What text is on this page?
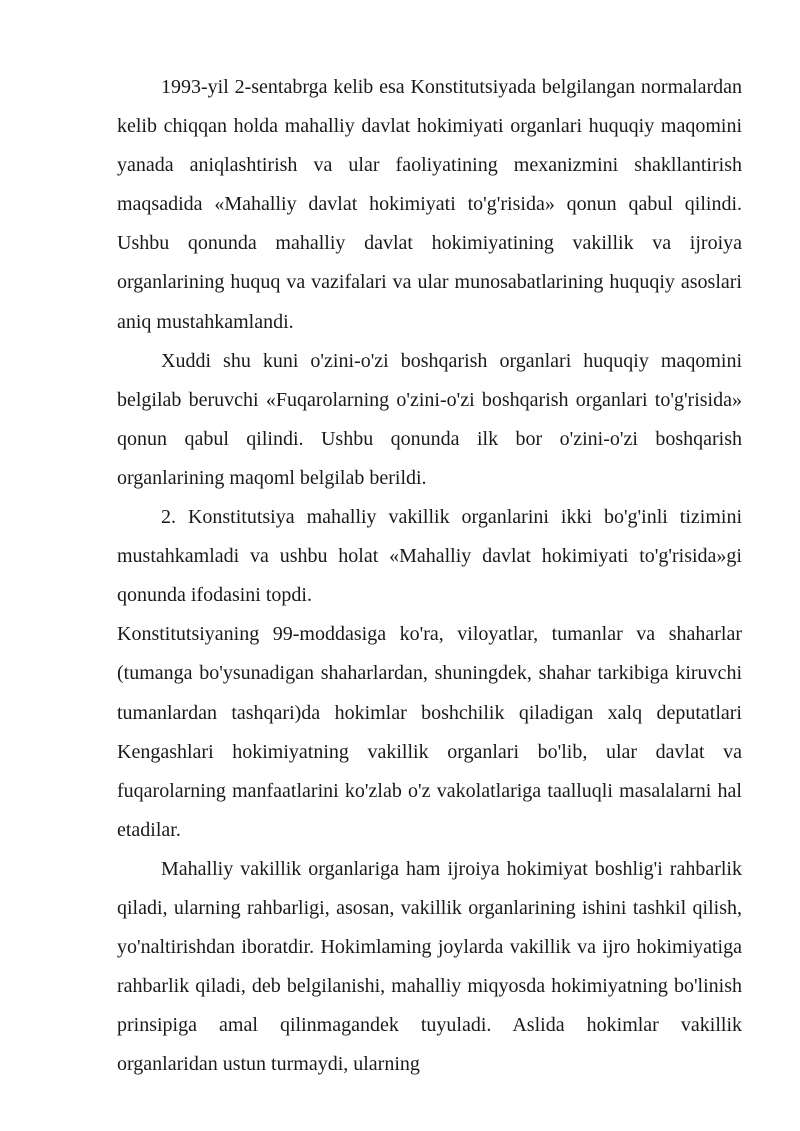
1993-yil 2-sentabrga kelib esa Konstitutsiyada belgilangan normalardan kelib chiqqan holda mahalliy davlat hokimiyati organlari huquqiy maqomini yanada aniqlashtirish va ular faoliyatining mexanizmini shakllantirish maqsadida «Mahalliy davlat hokimiyati to'g'risida» qonun qabul qilindi. Ushbu qonunda mahalliy davlat hokimiyatining vakillik va ijroiya organlarining huquq va vazifalari va ular munosabatlarining huquqiy asoslari aniq mustahkamlandi.

Xuddi shu kuni o'zini-o'zi boshqarish organlari huquqiy maqomini belgilab beruvchi «Fuqarolarning o'zini-o'zi boshqarish organlari to'g'risida» qonun qabul qilindi. Ushbu qonunda ilk bor o'zini-o'zi boshqarish organlarining maqoml belgilab berildi.

2. Konstitutsiya mahalliy vakillik organlarini ikki bo'g'inli tizimini mustahkamladi va ushbu holat «Mahalliy davlat hokimiyati to'g'risida»gi qonunda ifodasini topdi.

Konstitutsiyaning 99-moddasiga ko'ra, viloyatlar, tumanlar va shaharlar (tumanga bo'ysunadigan shaharlardan, shuningdek, shahar tarkibiga kiruvchi tumanlardan tashqari)da hokimlar boshchilik qiladigan xalq deputatlari Kengashlari hokimiyatning vakillik organlari bo'lib, ular davlat va fuqarolarning manfaatlarini ko'zlab o'z vakolatlariga taalluqli masalalarni hal etadilar.

Mahalliy vakillik organlariga ham ijroiya hokimiyat boshlig'i rahbarlik qiladi, ularning rahbarligi, asosan, vakillik organlarining ishini tashkil qilish, yo'naltirishdan iboratdir. Hokimlaming joylarda vakillik va ijro hokimiyatiga rahbarlik qiladi, deb belgilanishi, mahalliy miqyosda hokimiyatning bo'linish prinsipiga amal qilinmagandek tuyuladi. Aslida hokimlar vakillik organlaridan ustun turmaydi, ularning
